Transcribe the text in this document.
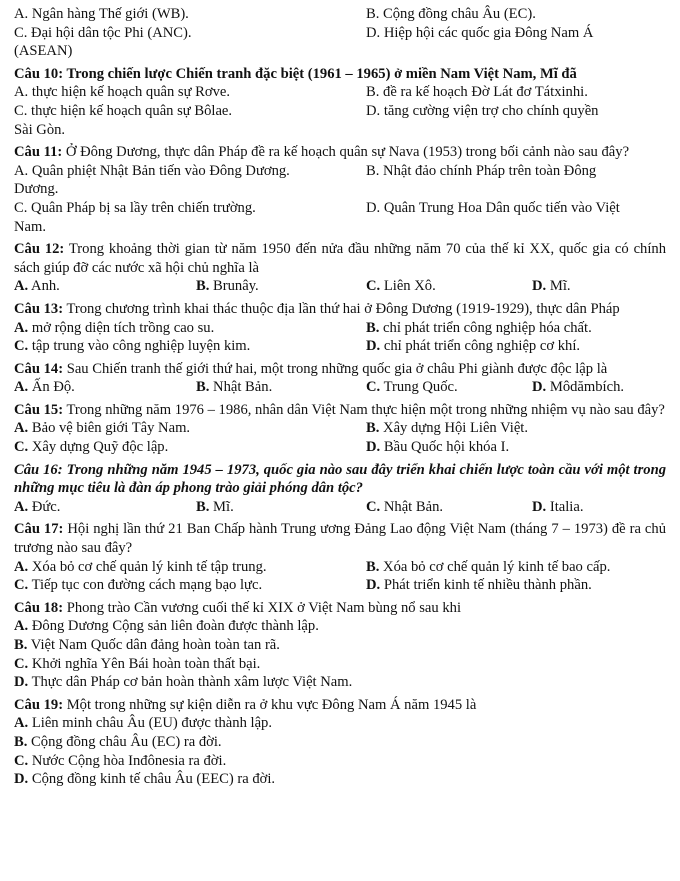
A. Ngân hàng Thế giới (WB).	B. Cộng đồng châu Âu (EC).
C. Đại hội dân tộc Phi (ANC).	D. Hiệp hội các quốc gia Đông Nam Á
(ASEAN)
Câu 10: Trong chiến lược Chiến tranh đặc biệt (1961 – 1965) ở miền Nam Việt Nam, Mĩ đã
A. thực hiện kế hoạch quân sự Rơve.	B. đề ra kế hoạch Đờ Lát đơ Tátxinhi.
C. thực hiện kế hoạch quân sự Bôlae.	D. tăng cường viện trợ cho chính quyền
Sài Gòn.
Câu 11: Ở Đông Dương, thực dân Pháp đề ra kế hoạch quân sự Nava (1953) trong bối cảnh nào sau đây?
A. Quân phiệt Nhật Bản tiến vào Đông Dương.	B. Nhật đảo chính Pháp trên toàn Đông
Dương.
C. Quân Pháp bị sa lầy trên chiến trường.	D. Quân Trung Hoa Dân quốc tiến vào Việt
Nam.
Câu 12: Trong khoảng thời gian từ năm 1950 đến nửa đầu những năm 70 của thế kỉ XX, quốc gia có chính sách giúp đỡ các nước xã hội chủ nghĩa là
A. Anh.	B. Brunây.	C. Liên Xô.	D. Mĩ.
Câu 13: Trong chương trình khai thác thuộc địa lần thứ hai ở Đông Dương (1919-1929), thực dân Pháp
A. mở rộng diện tích trồng cao su.	B. chỉ phát triển công nghiệp hóa chất.
C. tập trung vào công nghiệp luyện kim.	D. chỉ phát triển công nghiệp cơ khí.
Câu 14: Sau Chiến tranh thế giới thứ hai, một trong những quốc gia ở châu Phi giành được độc lập là
A. Ấn Độ.	B. Nhật Bản.	C. Trung Quốc.	D. Môdămbích.
Câu 15: Trong những năm 1976 – 1986, nhân dân Việt Nam thực hiện một trong những nhiệm vụ nào sau đây?
A. Bảo vệ biên giới Tây Nam.	B. Xây dựng Hội Liên Việt.
C. Xây dựng Quỹ độc lập.	D. Bầu Quốc hội khóa I.
Câu 16: Trong những năm 1945 – 1973, quốc gia nào sau đây triển khai chiến lược toàn cầu với một trong những mục tiêu là đàn áp phong trào giải phóng dân tộc?
A. Đức.	B. Mĩ.	C. Nhật Bản.	D. Italia.
Câu 17: Hội nghị lần thứ 21 Ban Chấp hành Trung ương Đảng Lao động Việt Nam (tháng 7 – 1973) đề ra chủ trương nào sau đây?
A. Xóa bỏ cơ chế quản lý kinh tế tập trung.	B. Xóa bỏ cơ chế quản lý kinh tế bao cấp.
C. Tiếp tục con đường cách mạng bạo lực.	D. Phát triển kinh tế nhiều thành phần.
Câu 18: Phong trào Cần vương cuối thế kỉ XIX ở Việt Nam bùng nổ sau khi
A. Đông Dương Cộng sản liên đoàn được thành lập.
B. Việt Nam Quốc dân đảng hoàn toàn tan rã.
C. Khởi nghĩa Yên Bái hoàn toàn thất bại.
D. Thực dân Pháp cơ bản hoàn thành xâm lược Việt Nam.
Câu 19: Một trong những sự kiện diễn ra ở khu vực Đông Nam Á năm 1945 là
A. Liên minh châu Âu (EU) được thành lập.
B. Cộng đồng châu Âu (EC) ra đời.
C. Nước Cộng hòa Inđônesia ra đời.
D. Cộng đồng kinh tế châu Âu (EEC) ra đời.
